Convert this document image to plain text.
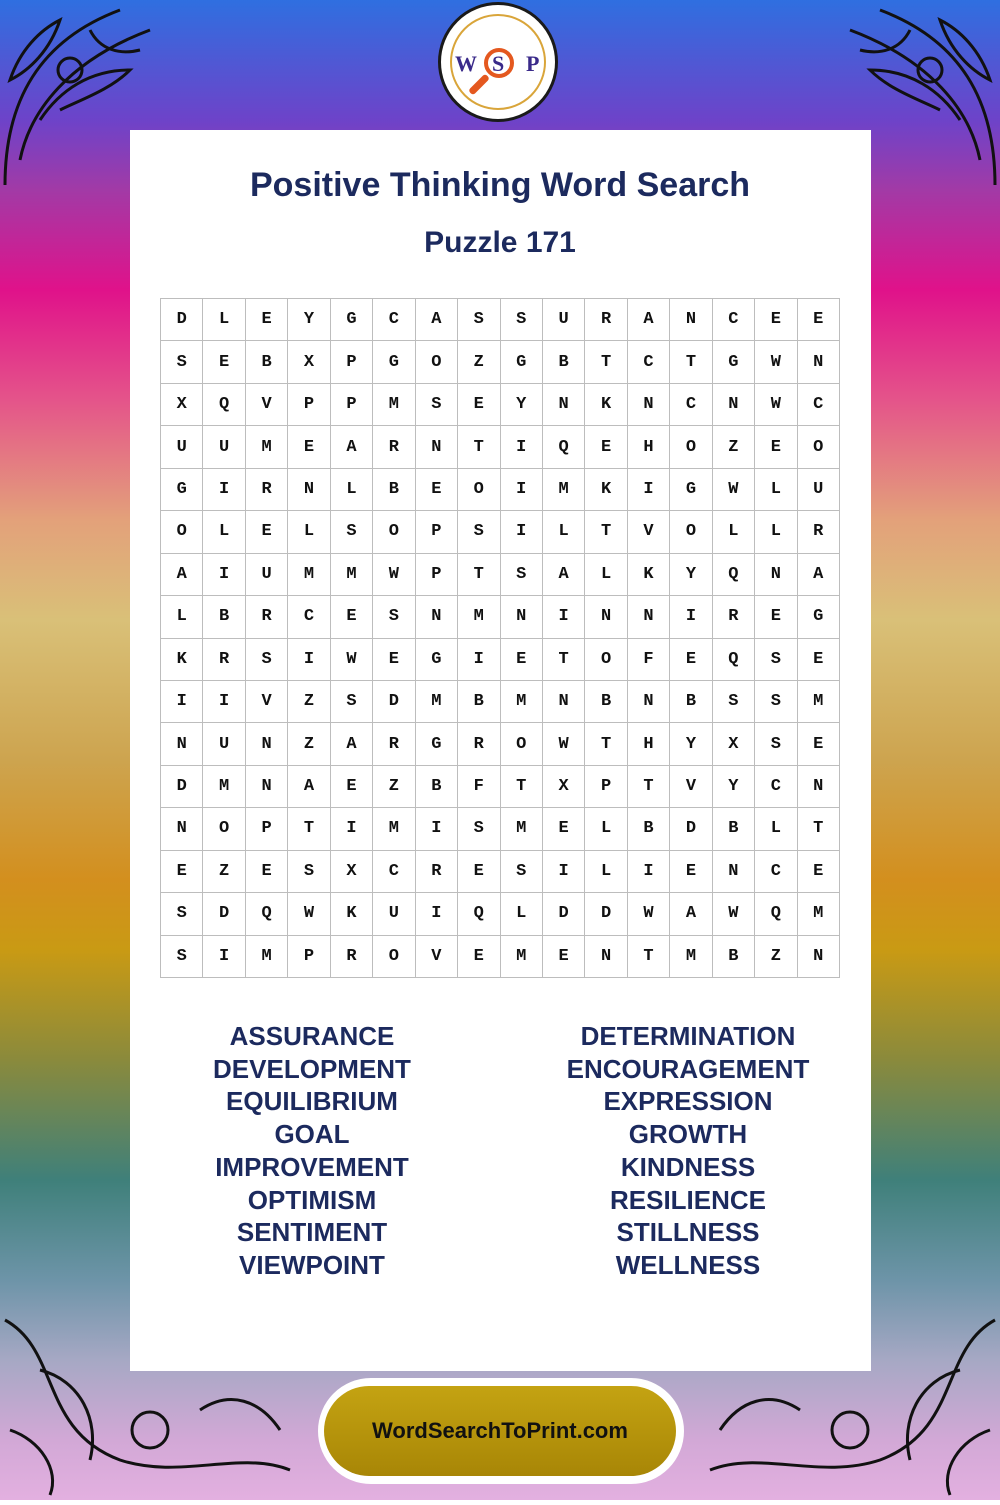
W S P
Positive Thinking Word Search
Puzzle 171
D	L	E	Y	G	C	A	S	S	U	R	A	N	C	E	E
S	E	B	X	P	G	O	Z	G	B	T	C	T	G	W	N
X	Q	V	P	P	M	S	E	Y	N	K	N	C	N	W	C
U	U	M	E	A	R	N	T	I	Q	E	H	O	Z	E	O
G	I	R	N	L	B	E	O	I	M	K	I	G	W	L	U
O	L	E	L	S	O	P	S	I	L	T	V	O	L	L	R
A	I	U	M	M	W	P	T	S	A	L	K	Y	Q	N	A
L	B	R	C	E	S	N	M	N	I	N	N	I	R	E	G
K	R	S	I	W	E	G	I	E	T	O	F	E	Q	S	E
I	I	V	Z	S	D	M	B	M	N	B	N	B	S	S	M
N	U	N	Z	A	R	G	R	O	W	T	H	Y	X	S	E
D	M	N	A	E	Z	B	F	T	X	P	T	V	Y	C	N
N	O	P	T	I	M	I	S	M	E	L	B	D	B	L	T
E	Z	E	S	X	C	R	E	S	I	L	I	E	N	C	E
S	D	Q	W	K	U	I	Q	L	D	D	W	A	W	Q	M
S	I	M	P	R	O	V	E	M	E	N	T	M	B	Z	N
ASSURANCE
DEVELOPMENT
EQUILIBRIUM
GOAL
IMPROVEMENT
OPTIMISM
SENTIMENT
VIEWPOINT
DETERMINATION
ENCOURAGEMENT
EXPRESSION
GROWTH
KINDNESS
RESILIENCE
STILLNESS
WELLNESS
WordSearchToPrint.com
